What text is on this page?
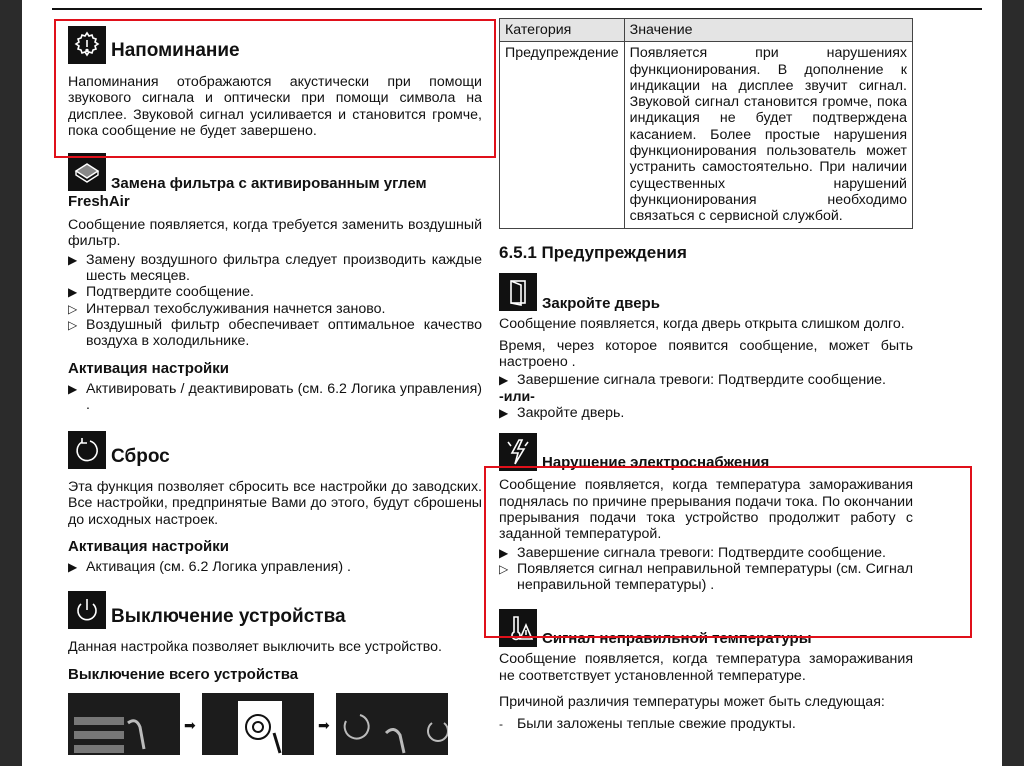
Напоминание

Напоминания отображаются акустически при помощи звукового сигнала и оптически при помощи символа на дисплее. Звуковой сигнал усиливается и становится громче, пока сообщение не будет завершено.

Замена фильтра с активированным углем FreshAir

Сообщение появляется, когда требуется заменить воздушный фильтр.

▶ Замену воздушного фильтра следует производить каждые шесть месяцев.
▶ Подтвердите сообщение.
▷ Интервал техобслуживания начнется заново.
▷ Воздушный фильтр обеспечивает оптимальное качество воздуха в холодильнике.
Активация настройки
▶ Активировать / деактивировать (см. 6.2 Логика управления) .
Сброс

Эта функция позволяет сбросить все настройки до заводских. Все настройки, предпринятые Вами до этого, будут сброшены до исходных настроек.

Активация настройки
▶ Активация (см. 6.2 Логика управления) .
Выключение устройства

Данная настройка позволяет выключить все устройство.

Выключение всего устройства
➡	➡
Категория	Значение
Предупреждение	Появляется при нарушениях функционирования. В дополнение к индикации на дисплее звучит сигнал. Звуковой сигнал становится громче, пока индикация не будет подтверждена касанием. Более простые нарушения функционирования пользователь может устранить самостоятельно. При наличии существенных нарушений функционирования необходимо связаться с сервисной службой.
6.5.1 Предупреждения
Закройте дверь

Сообщение появляется, когда дверь открыта слишком долго.

Время, через которое появится сообщение, может быть настроено .

▶ Завершение сигнала тревоги: Подтвердите сообщение.
-или-
▶ Закройте дверь.
Нарушение электроснабжения

Сообщение появляется, когда температура замораживания поднялась по причине прерывания подачи тока. По окончании прерывания подачи тока устройство продолжит работу с заданной температурой.

▶ Завершение сигнала тревоги: Подтвердите сообщение.
▷ Появляется сигнал неправильной температуры (см. Сигнал неправильной температуры) .
Сигнал неправильной температуры

Сообщение появляется, когда температура замораживания не соответствует установленной температуре.

Причиной различия температуры может быть следующая:

- Были заложены теплые свежие продукты.
